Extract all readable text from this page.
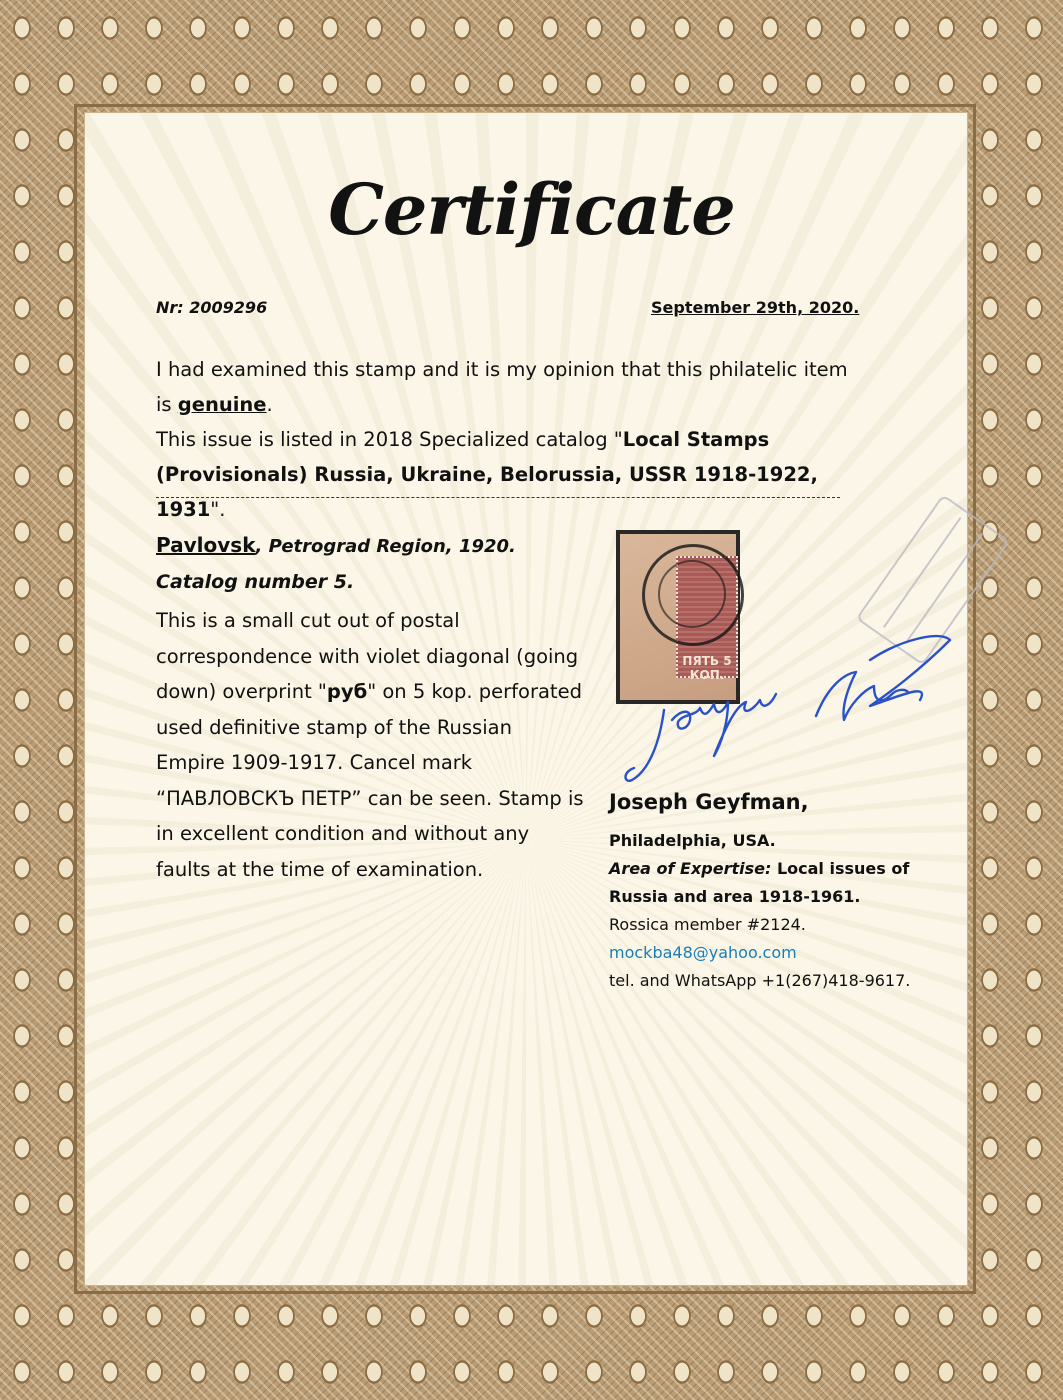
Certificate
Nr: 2009296	September 29th, 2020.
I had examined this stamp and it is my opinion that this philatelic item is genuine.
This issue is listed in 2018 Specialized catalog "Local Stamps (Provisionals) Russia, Ukraine, Belorussia, USSR 1918-1922, 1931".
Pavlovsk, Petrograd Region, 1920.
Catalog number 5.
This is a small cut out of postal correspondence with violet diagonal (going down) overprint "руб" on 5 kop. perforated used definitive stamp of the Russian Empire 1909-1917. Cancel mark “ПАВЛОВСКЪ ПЕТР” can be seen. Stamp is in excellent condition and without any faults at the time of examination.
ПЯТЬ 5 КОП.
Joseph Geyfman,
Philadelphia, USA.
Area of Expertise: Local issues of
Russia and area 1918-1961.
Rossica member #2124.
mockba48@yahoo.com
tel. and WhatsApp +1(267)418-9617.
